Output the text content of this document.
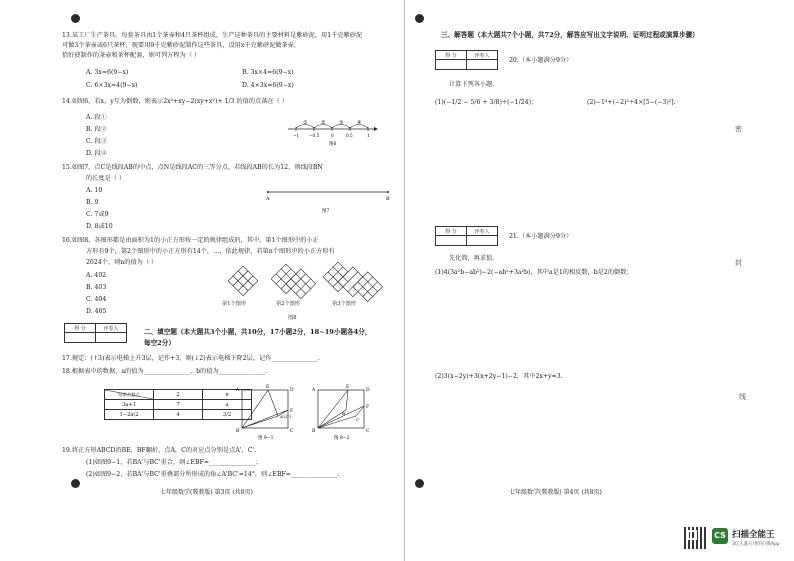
13.某工厂生产茶具，每套茶具由1个茶壶和4只茶杯组成，生产这种茶具的主要材料是紫砂泥，用1千克紫砂泥
可做3个茶壶或6只茶杯，现要用9千克紫砂泥制作这些茶具，设用x千克紫砂泥做茶壶，
恰好使制作的茶壶和茶杯配套，则可列方程为（ ）
A. 3x=6(9−x)	B. 3x×4=6(9−x)
C. 6×3x=4(9−x)	D. 4×3x=6(9−x)
14.如图6，若x，y互为倒数，则表示2x²+xy−2(xy+x²)+ 1/3 的值的点落在（ ）
A. 段①
B. 段②
C. 段③
D. 段④
①	②	③	④
−1 −0.5	0	0.5	1
图6
15.如图7，点C是线段AB的中点，点N是线段AC的三等分点，若线段AB的长为12，则线段BN
的长度是（ ）
A. 10
B. 9
C. 7或9
D. 8或10
A	B
图7
16.如图8，各图形都是由面积为1的小正方形按一定的规律组成的，其中，第1个图形中的小正
方形有9个，第2个图形中的小正方形有14个，…，依此规律，若第n个图形中的小正方形有
2024个，则n的值为（ ）
A. 402
B. 403
C. 404
D. 405
第1个图形	第2个图形	第3个图形
图8
得 分	评卷人
		二、填空题（本大题共3个小题，共10分，17小题2分，18~19小题各4分，
每空2分）
17.规定：(↑3)表示电梯上升3层，记作+3，则(↓2)表示电梯下降2层，记作_______________.
18.根据表中的数据，a的值为_______________，b的值为_______________.
结果\代数式	2	n
3a+1	7	a
1−2a\2	4	3/2
A
E
D
A'(C')
F
B	C
图 9−1
A
E
D
B'
C'
F
B	C
图 9−2
19.将正方形ABCD沿BE，BF翻折，点A，C的对应点分别是点A'，C'.
(1)如图9−1，若BA'与BC'重合，则∠EBF=_______________；
(2)如图9−2，若BA'与BC'重叠部分所形成的角∠A'BC'=14°，则∠EBF=_______________.
七年级数学(冀教版) 第3页 (共8页)
三、解答题（本大题共7个小题，共72分，解答应写出文字说明、证明过程或演算步骤）
得 分	评卷人

20.（本小题满分9分）
计算下列各小题.
(1)(−1/2 − 5/6 + 3/8)÷(−1/24)；	(2)−1⁴+(−2)³÷4×[5−(−3)²].
得 分	评卷人

21.（本小题满分9分）
先化简，再求值.
(1)4(3a²b−ab²)−2(−ab²+3a²b)，其中a是1的相反数，b是2的倒数；
(2)3(x−2y)+3(x+2y−1)−2，其中2x+y=3.
密
封
线
七年级数学(冀教版) 第4页 (共8页)
CS 扫描全能王
3亿人都在用的扫描App
